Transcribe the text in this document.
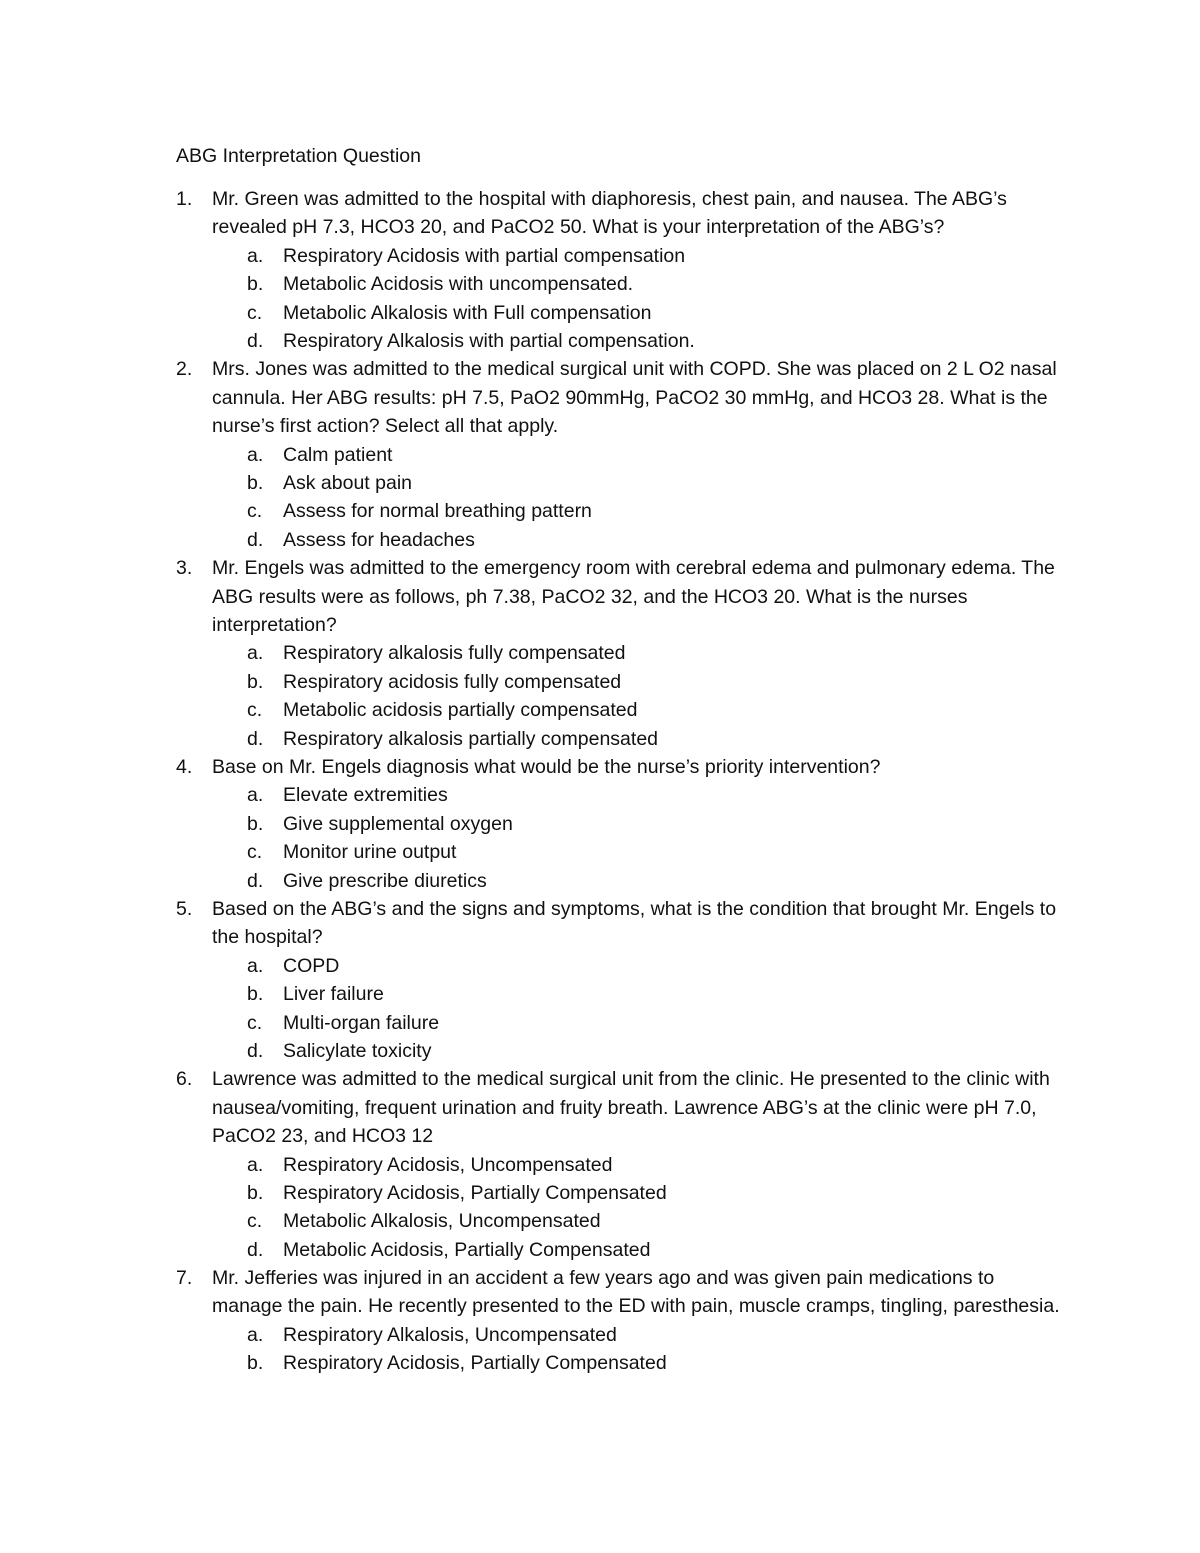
ABG Interpretation Question
1. Mr. Green was admitted to the hospital with diaphoresis, chest pain, and nausea. The ABG’s revealed pH 7.3, HCO3 20, and PaCO2 50. What is your interpretation of the ABG’s?

a. Respiratory Acidosis with partial compensation
b. Metabolic Acidosis with uncompensated.
c. Metabolic Alkalosis with Full compensation
d. Respiratory Alkalosis with partial compensation.
2. Mrs. Jones was admitted to the medical surgical unit with COPD. She was placed on 2 L O2 nasal cannula. Her ABG results: pH 7.5, PaO2 90mmHg, PaCO2 30 mmHg, and HCO3 28. What is the nurse’s first action? Select all that apply.

a. Calm patient
b. Ask about pain
c. Assess for normal breathing pattern
d. Assess for headaches
3. Mr. Engels was admitted to the emergency room with cerebral edema and pulmonary edema. The ABG results were as follows, ph 7.38, PaCO2 32, and the HCO3 20. What is the nurses interpretation?

a. Respiratory alkalosis fully compensated
b. Respiratory acidosis fully compensated
c. Metabolic acidosis partially compensated
d. Respiratory alkalosis partially compensated
4. Base on Mr. Engels diagnosis what would be the nurse’s priority intervention?

a. Elevate extremities
b. Give supplemental oxygen
c. Monitor urine output
d. Give prescribe diuretics
5. Based on the ABG’s and the signs and symptoms, what is the condition that brought Mr. Engels to the hospital?

a. COPD
b. Liver failure
c. Multi-organ failure
d. Salicylate toxicity
6. Lawrence was admitted to the medical surgical unit from the clinic. He presented to the clinic with nausea/vomiting, frequent urination and fruity breath. Lawrence ABG’s at the clinic were pH 7.0, PaCO2 23, and HCO3 12

a. Respiratory Acidosis, Uncompensated
b. Respiratory Acidosis, Partially Compensated
c. Metabolic Alkalosis, Uncompensated
d. Metabolic Acidosis, Partially Compensated
7. Mr. Jefferies was injured in an accident a few years ago and was given pain medications to manage the pain. He recently presented to the ED with pain, muscle cramps, tingling, paresthesia.

a. Respiratory Alkalosis, Uncompensated
b. Respiratory Acidosis, Partially Compensated
